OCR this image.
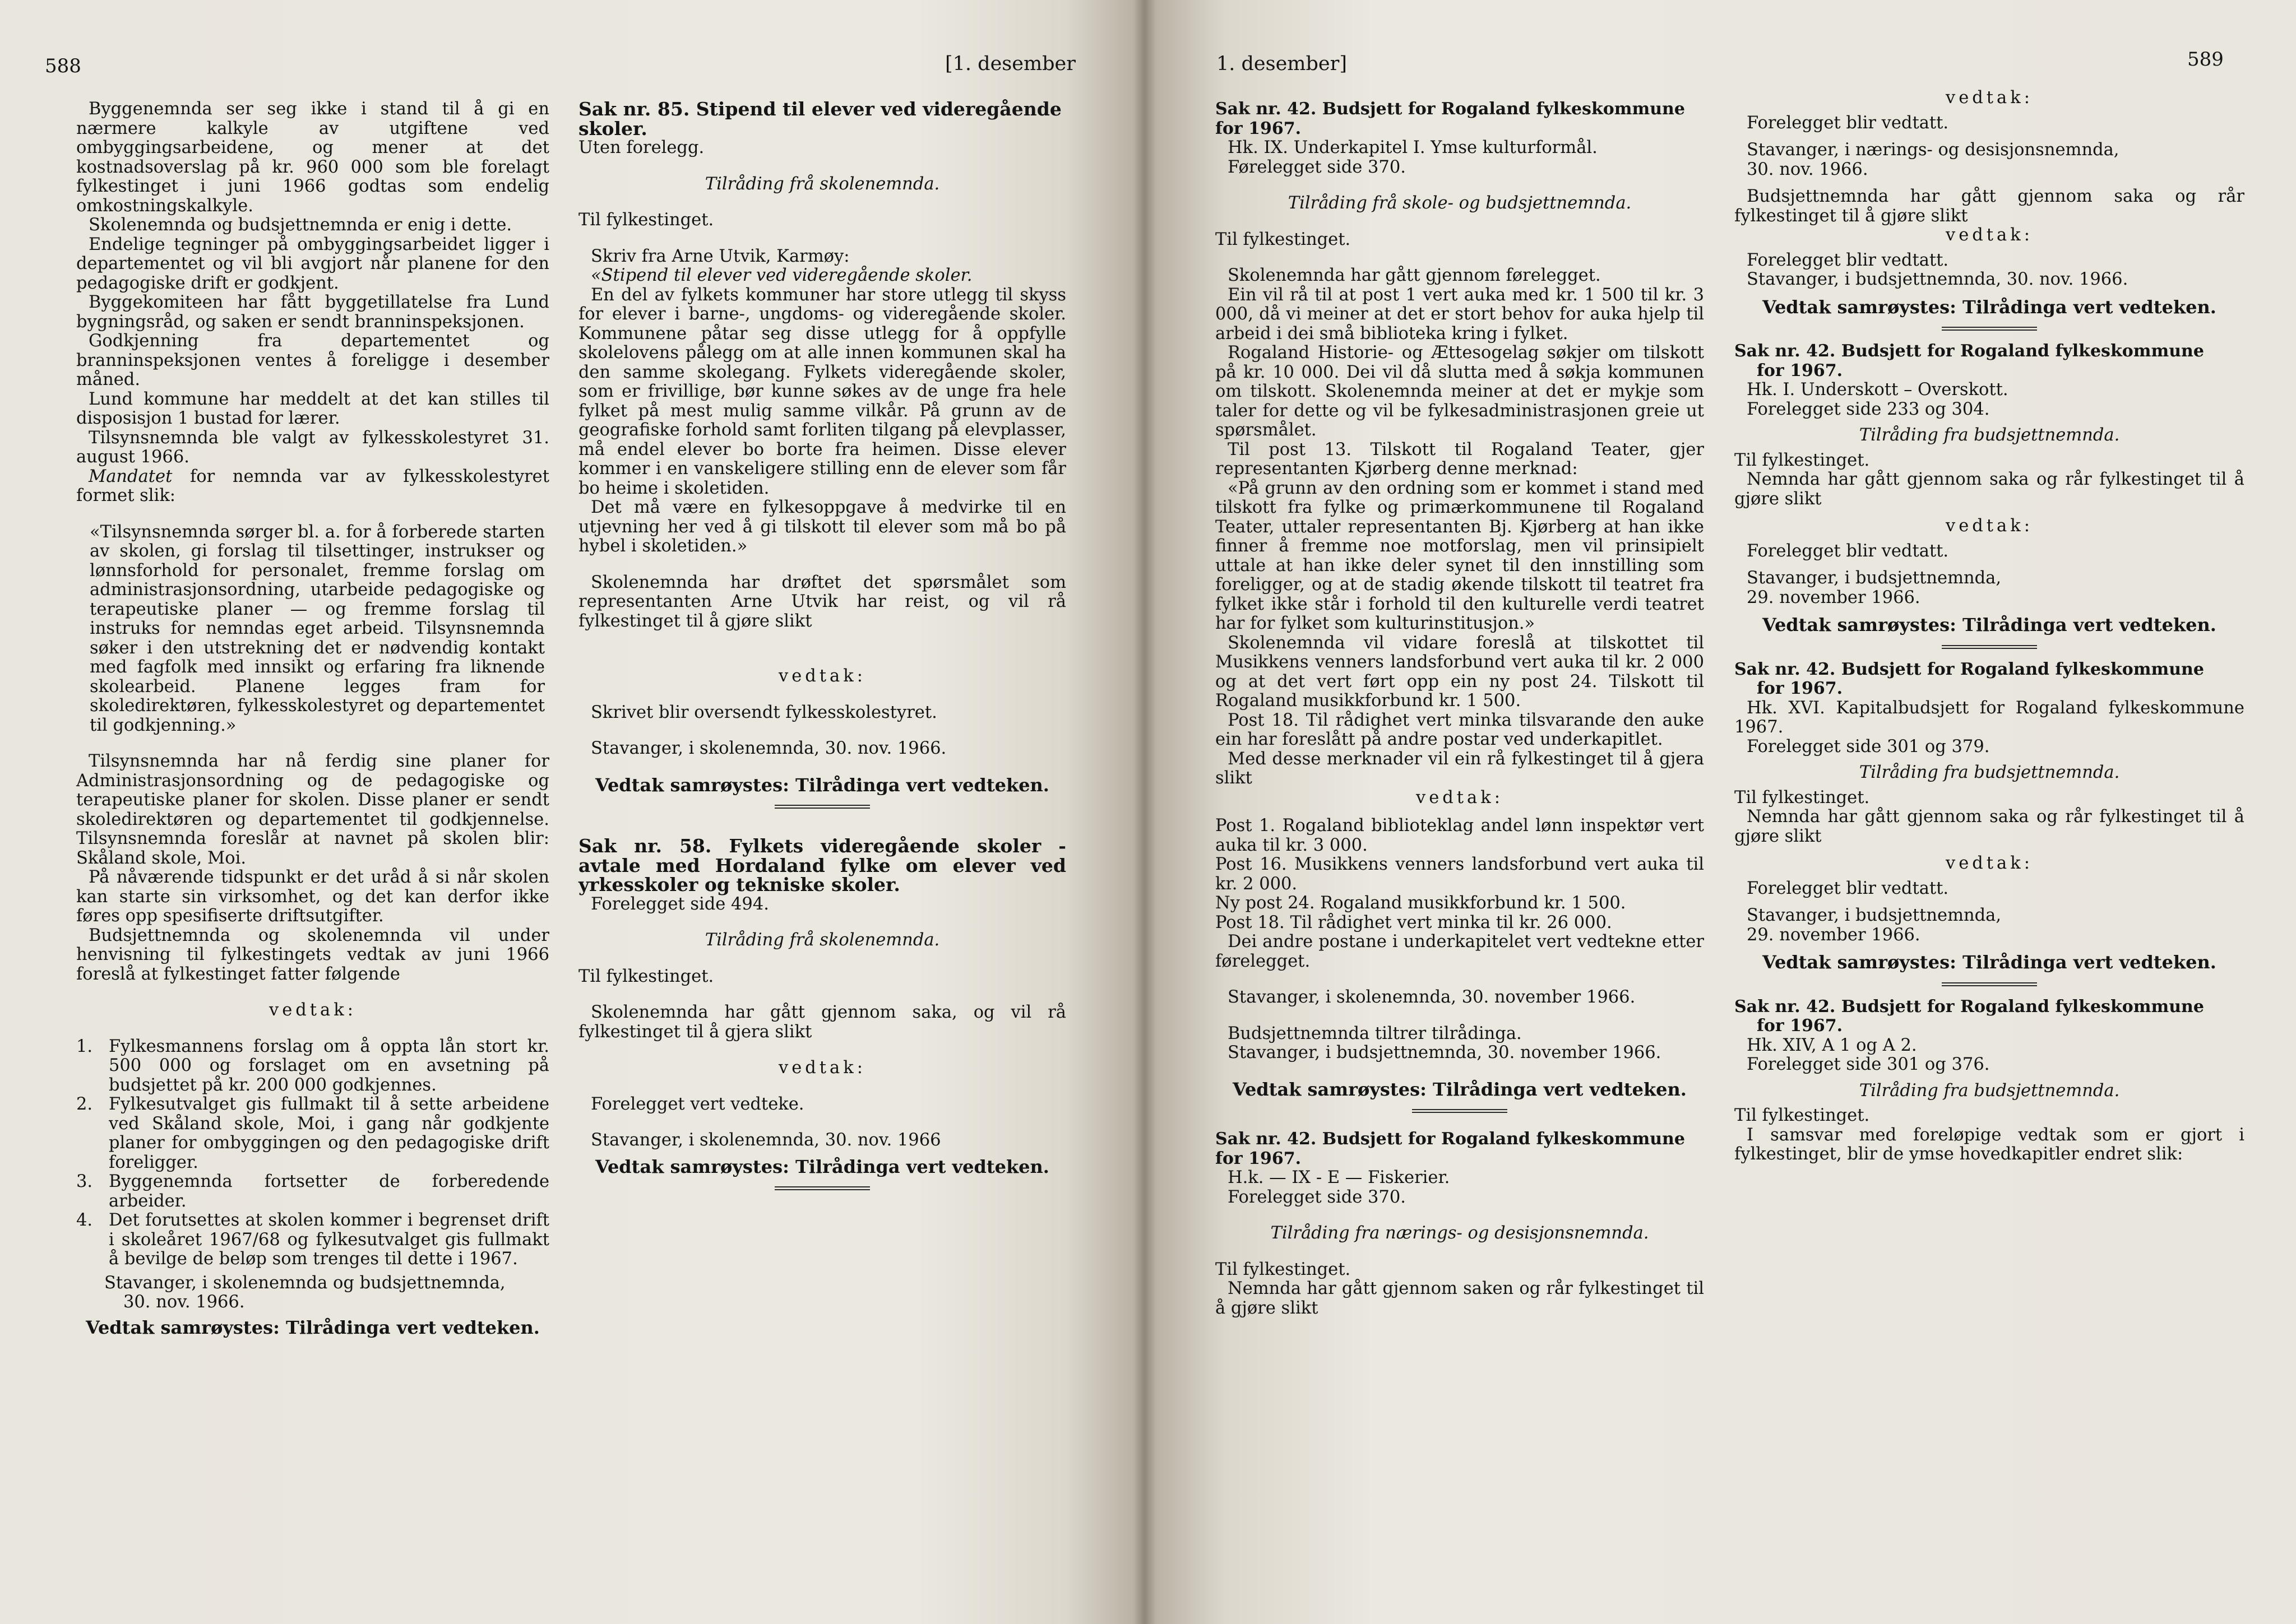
588	[1. desember

Byggenemnda ser seg ikke i stand til å gi en nærmere kalkyle av utgiftene ved ombyggingsarbeidene, og mener at det kostnadsoverslag på kr. 960 000 som ble forelagt fylkestinget i juni 1966 godtas som endelig omkostningskalkyle.

Skolenemnda og budsjettnemnda er enig i dette.

Endelige tegninger på ombyggingsarbeidet ligger i departementet og vil bli avgjort når planene for den pedagogiske drift er godkjent.

Byggekomiteen har fått byggetillatelse fra Lund bygningsråd, og saken er sendt branninspeksjonen.

Godkjenning fra departementet og branninspeksjonen ventes å foreligge i desember måned.

Lund kommune har meddelt at det kan stilles til disposisjon 1 bustad for lærer.

Tilsynsnemnda ble valgt av fylkesskolestyret 31. august 1966.

Mandatet for nemnda var av fylkesskolestyret formet slik:

«Tilsynsnemnda sørger bl. a. for å forberede starten av skolen, gi forslag til tilsettinger, instrukser og lønnsforhold for personalet, fremme forslag om administrasjonsordning, utarbeide pedagogiske og terapeutiske planer — og fremme forslag til instruks for nemndas eget arbeid. Tilsynsnemnda søker i den utstrekning det er nødvendig kontakt med fagfolk med innsikt og erfaring fra liknende skolearbeid. Planene legges fram for skoledirektøren, fylkesskolestyret og departementet til godkjenning.»

Tilsynsnemnda har nå ferdig sine planer for Administrasjonsordning og de pedagogiske og terapeutiske planer for skolen. Disse planer er sendt skoledirektøren og departementet til godkjennelse. Tilsynsnemnda foreslår at navnet på skolen blir: Skåland skole, Moi.

På nåværende tidspunkt er det uråd å si når skolen kan starte sin virksomhet, og det kan derfor ikke føres opp spesifiserte driftsutgifter.

Budsjettnemnda og skolenemnda vil under henvisning til fylkestingets vedtak av juni 1966 foreslå at fylkestinget fatter følgende

vedtak:

1. Fylkesmannens forslag om å oppta lån stort kr. 500 000 og forslaget om en avsetning på budsjettet på kr. 200 000 godkjennes.
2. Fylkesutvalget gis fullmakt til å sette arbeidene ved Skåland skole, Moi, i gang når godkjente planer for ombyggingen og den pedagogiske drift foreligger.
3. Byggenemnda fortsetter de forberedende arbeider.
4. Det forutsettes at skolen kommer i begrenset drift i skoleåret 1967/68 og fylkesutvalget gis fullmakt å bevilge de beløp som trenges til dette i 1967.

Stavanger, i skolenemnda og budsjettnemnda,

30. nov. 1966.

Vedtak samrøystes: Tilrådinga vert vedteken.

Sak nr. 85. Stipend til elever ved videregående

skoler.

Uten forelegg.

Tilråding frå skolenemnda.

Til fylkestinget.

Skriv fra Arne Utvik, Karmøy:

«Stipend til elever ved videregående skoler.

En del av fylkets kommuner har store utlegg til skyss for elever i barne-, ungdoms- og videregående skoler. Kommunene påtar seg disse utlegg for å oppfylle skolelovens pålegg om at alle innen kommunen skal ha den samme skolegang. Fylkets videregående skoler, som er frivillige, bør kunne søkes av de unge fra hele fylket på mest mulig samme vilkår. På grunn av de geografiske forhold samt forliten tilgang på elevplasser, må endel elever bo borte fra heimen. Disse elever kommer i en vanskeligere stilling enn de elever som får bo heime i skoletiden.

Det må være en fylkesoppgave å medvirke til en utjevning her ved å gi tilskott til elever som må bo på hybel i skoletiden.»

Skolenemnda har drøftet det spørsmålet som representanten Arne Utvik har reist, og vil rå fylkestinget til å gjøre slikt

vedtak:

Skrivet blir oversendt fylkesskolestyret.

Stavanger, i skolenemnda, 30. nov. 1966.

Vedtak samrøystes: Tilrådinga vert vedteken.

Sak nr. 58. Fylkets videregående skoler - avtale med Hordaland fylke om elever ved yrkesskoler og tekniske skoler.

Forelegget side 494.

Tilråding frå skolenemnda.

Til fylkestinget.

Skolenemnda har gått gjennom saka, og vil rå fylkestinget til å gjera slikt

vedtak:

Forelegget vert vedteke.

Stavanger, i skolenemnda, 30. nov. 1966

Vedtak samrøystes: Tilrådinga vert vedteken.

1. desember]	589

Sak nr. 42. Budsjett for Rogaland fylkeskommune

for 1967.

Hk. IX. Underkapitel I. Ymse kulturformål.

Førelegget side 370.

Tilråding frå skole- og budsjettnemnda.

Til fylkestinget.

Skolenemnda har gått gjennom førelegget.

Ein vil rå til at post 1 vert auka med kr. 1 500 til kr. 3 000, då vi meiner at det er stort behov for auka hjelp til arbeid i dei små biblioteka kring i fylket.

Rogaland Historie- og Ættesogelag søkjer om tilskott på kr. 10 000. Dei vil då slutta med å søkja kommunen om tilskott. Skolenemnda meiner at det er mykje som taler for dette og vil be fylkesadministrasjonen greie ut spørsmålet.

Til post 13. Tilskott til Rogaland Teater, gjer representanten Kjørberg denne merknad:

«På grunn av den ordning som er kommet i stand med tilskott fra fylke og primærkommunene til Rogaland Teater, uttaler representanten Bj. Kjørberg at han ikke finner å fremme noe motforslag, men vil prinsipielt uttale at han ikke deler synet til den innstilling som foreligger, og at de stadig økende tilskott til teatret fra fylket ikke står i forhold til den kulturelle verdi teatret har for fylket som kulturinstitusjon.»

Skolenemnda vil vidare foreslå at tilskottet til Musikkens venners landsforbund vert auka til kr. 2 000 og at det vert ført opp ein ny post 24. Tilskott til Rogaland musikkforbund kr. 1 500.

Post 18. Til rådighet vert minka tilsvarande den auke ein har foreslått på andre postar ved underkapitlet.

Med desse merknader vil ein rå fylkestinget til å gjera slikt

vedtak:

Post 1. Rogaland biblioteklag andel lønn inspektør vert auka til kr. 3 000.

Post 16. Musikkens venners landsforbund vert auka til kr. 2 000.

Ny post 24. Rogaland musikkforbund kr. 1 500.

Post 18. Til rådighet vert minka til kr. 26 000.

Dei andre postane i underkapitelet vert vedtekne etter førelegget.

Stavanger, i skolenemnda, 30. november 1966.

Budsjettnemnda tiltrer tilrådinga.

Stavanger, i budsjettnemnda, 30. november 1966.

Vedtak samrøystes: Tilrådinga vert vedteken.

Sak nr. 42. Budsjett for Rogaland fylkeskommune

for 1967.

H.k. — IX - E — Fiskerier.

Forelegget side 370.

Tilråding fra nærings- og desisjonsnemnda.

Til fylkestinget.

Nemnda har gått gjennom saken og rår fylkestinget til å gjøre slikt

vedtak:

Forelegget blir vedtatt.

Stavanger, i nærings- og desisjonsnemnda,

30. nov. 1966.

Budsjettnemnda har gått gjennom saka og rår fylkestinget til å gjøre slikt

vedtak:

Forelegget blir vedtatt.

Stavanger, i budsjettnemnda, 30. nov. 1966.

Vedtak samrøystes: Tilrådinga vert vedteken.

Sak nr. 42. Budsjett for Rogaland fylkeskommune

for 1967.

Hk. I. Underskott – Overskott.

Forelegget side 233 og 304.

Tilråding fra budsjettnemnda.

Til fylkestinget.

Nemnda har gått gjennom saka og rår fylkestinget til å gjøre slikt

vedtak:

Forelegget blir vedtatt.

Stavanger, i budsjettnemnda,

29. november 1966.

Vedtak samrøystes: Tilrådinga vert vedteken.

Sak nr. 42. Budsjett for Rogaland fylkeskommune

for 1967.

Hk. XVI. Kapitalbudsjett for Rogaland fylkeskommune 1967.

Forelegget side 301 og 379.

Tilråding fra budsjettnemnda.

Til fylkestinget.

Nemnda har gått gjennom saka og rår fylkestinget til å gjøre slikt

vedtak:

Forelegget blir vedtatt.

Stavanger, i budsjettnemnda,

29. november 1966.

Vedtak samrøystes: Tilrådinga vert vedteken.

Sak nr. 42. Budsjett for Rogaland fylkeskommune

for 1967.

Hk. XIV, A 1 og A 2.

Forelegget side 301 og 376.

Tilråding fra budsjettnemnda.

Til fylkestinget.

I samsvar med foreløpige vedtak som er gjort i fylkestinget, blir de ymse hovedkapitler endret slik:
